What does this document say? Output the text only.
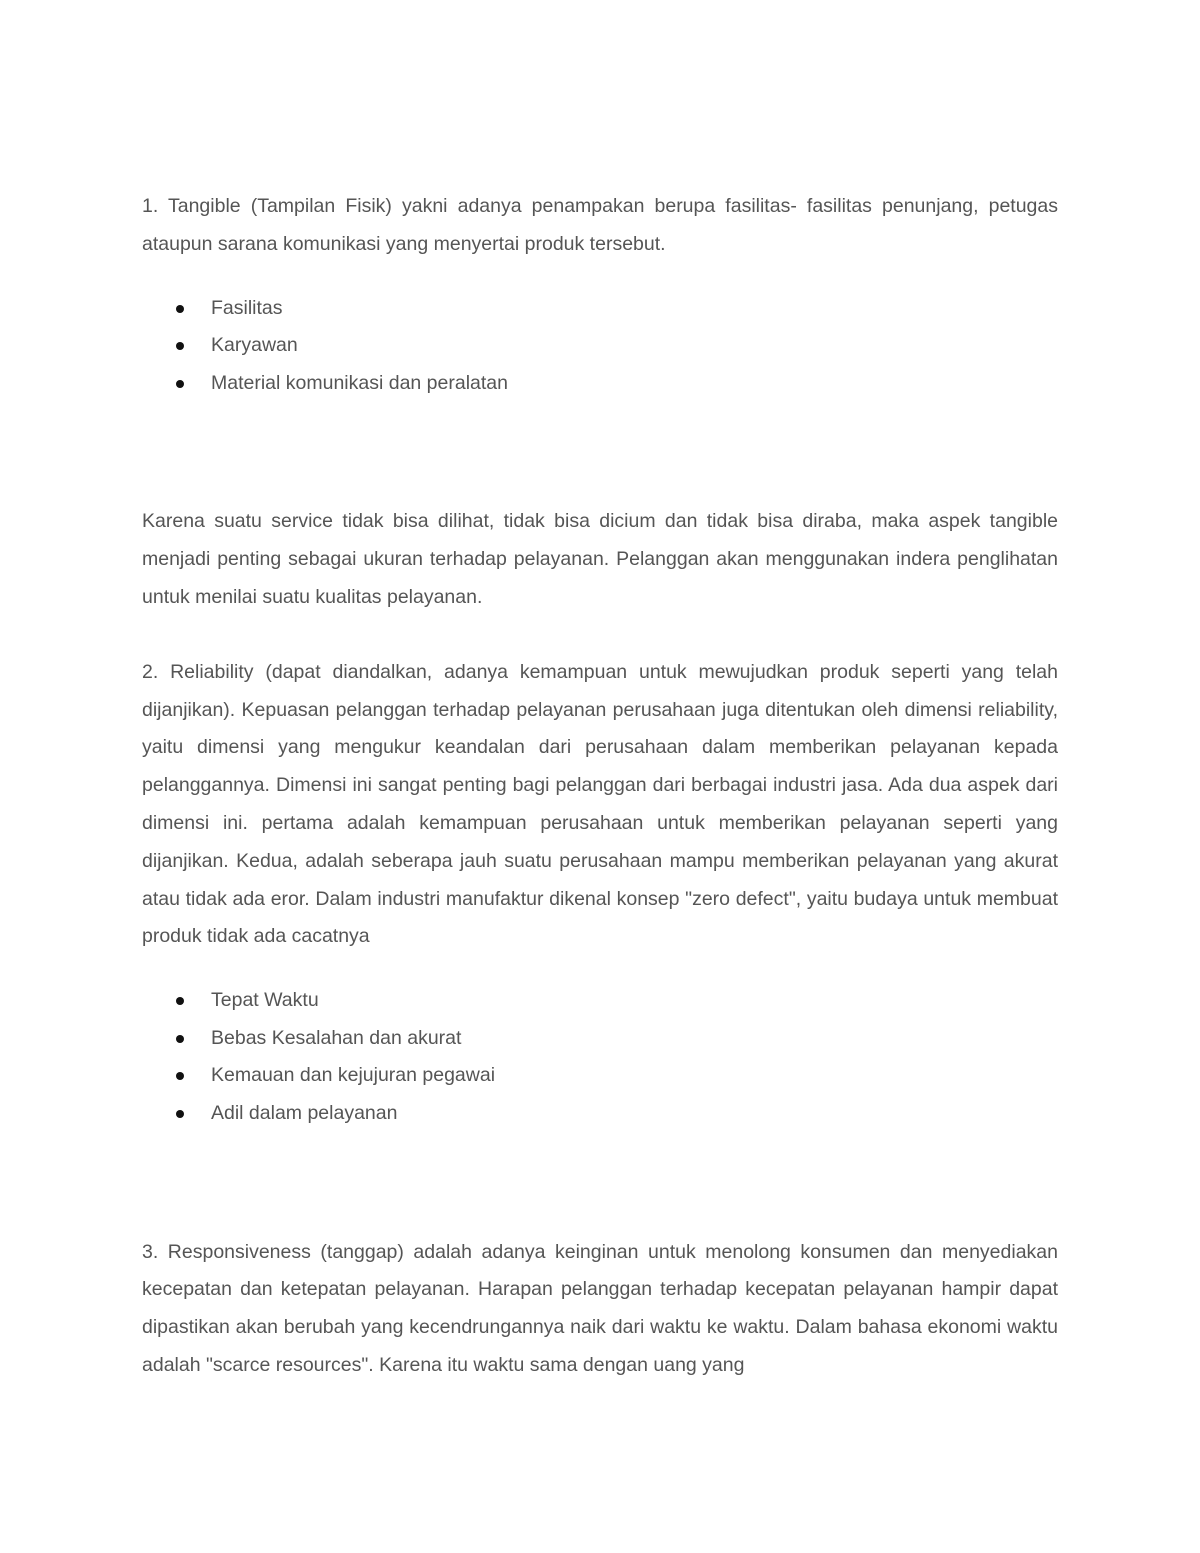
1. Tangible (Tampilan Fisik) yakni adanya penampakan berupa fasilitas- fasilitas penunjang, petugas ataupun sarana komunikasi yang menyertai produk tersebut.

Fasilitas
Karyawan
Material komunikasi dan peralatan

Karena suatu service tidak bisa dilihat, tidak bisa dicium dan tidak bisa diraba, maka aspek tangible menjadi penting sebagai ukuran terhadap pelayanan. Pelanggan akan menggunakan indera penglihatan untuk menilai suatu kualitas pelayanan.

2. Reliability (dapat diandalkan, adanya kemampuan untuk mewujudkan produk seperti yang telah dijanjikan). Kepuasan pelanggan terhadap pelayanan perusahaan juga ditentukan oleh dimensi reliability, yaitu dimensi yang mengukur keandalan dari perusahaan dalam memberikan pelayanan kepada pelanggannya. Dimensi ini sangat penting bagi pelanggan dari berbagai industri jasa. Ada dua aspek dari dimensi ini. pertama adalah kemampuan perusahaan untuk memberikan pelayanan seperti yang dijanjikan. Kedua, adalah seberapa jauh suatu perusahaan mampu memberikan pelayanan yang akurat atau tidak ada eror. Dalam industri manufaktur dikenal konsep "zero defect", yaitu budaya untuk membuat produk tidak ada cacatnya

Tepat Waktu
Bebas Kesalahan dan akurat
Kemauan dan kejujuran pegawai
Adil dalam pelayanan

3. Responsiveness (tanggap) adalah adanya keinginan untuk menolong konsumen dan menyediakan kecepatan dan ketepatan pelayanan. Harapan pelanggan terhadap kecepatan pelayanan hampir dapat dipastikan akan berubah yang kecendrungannya naik dari waktu ke waktu. Dalam bahasa ekonomi waktu adalah "scarce resources". Karena itu waktu sama dengan uang yang
